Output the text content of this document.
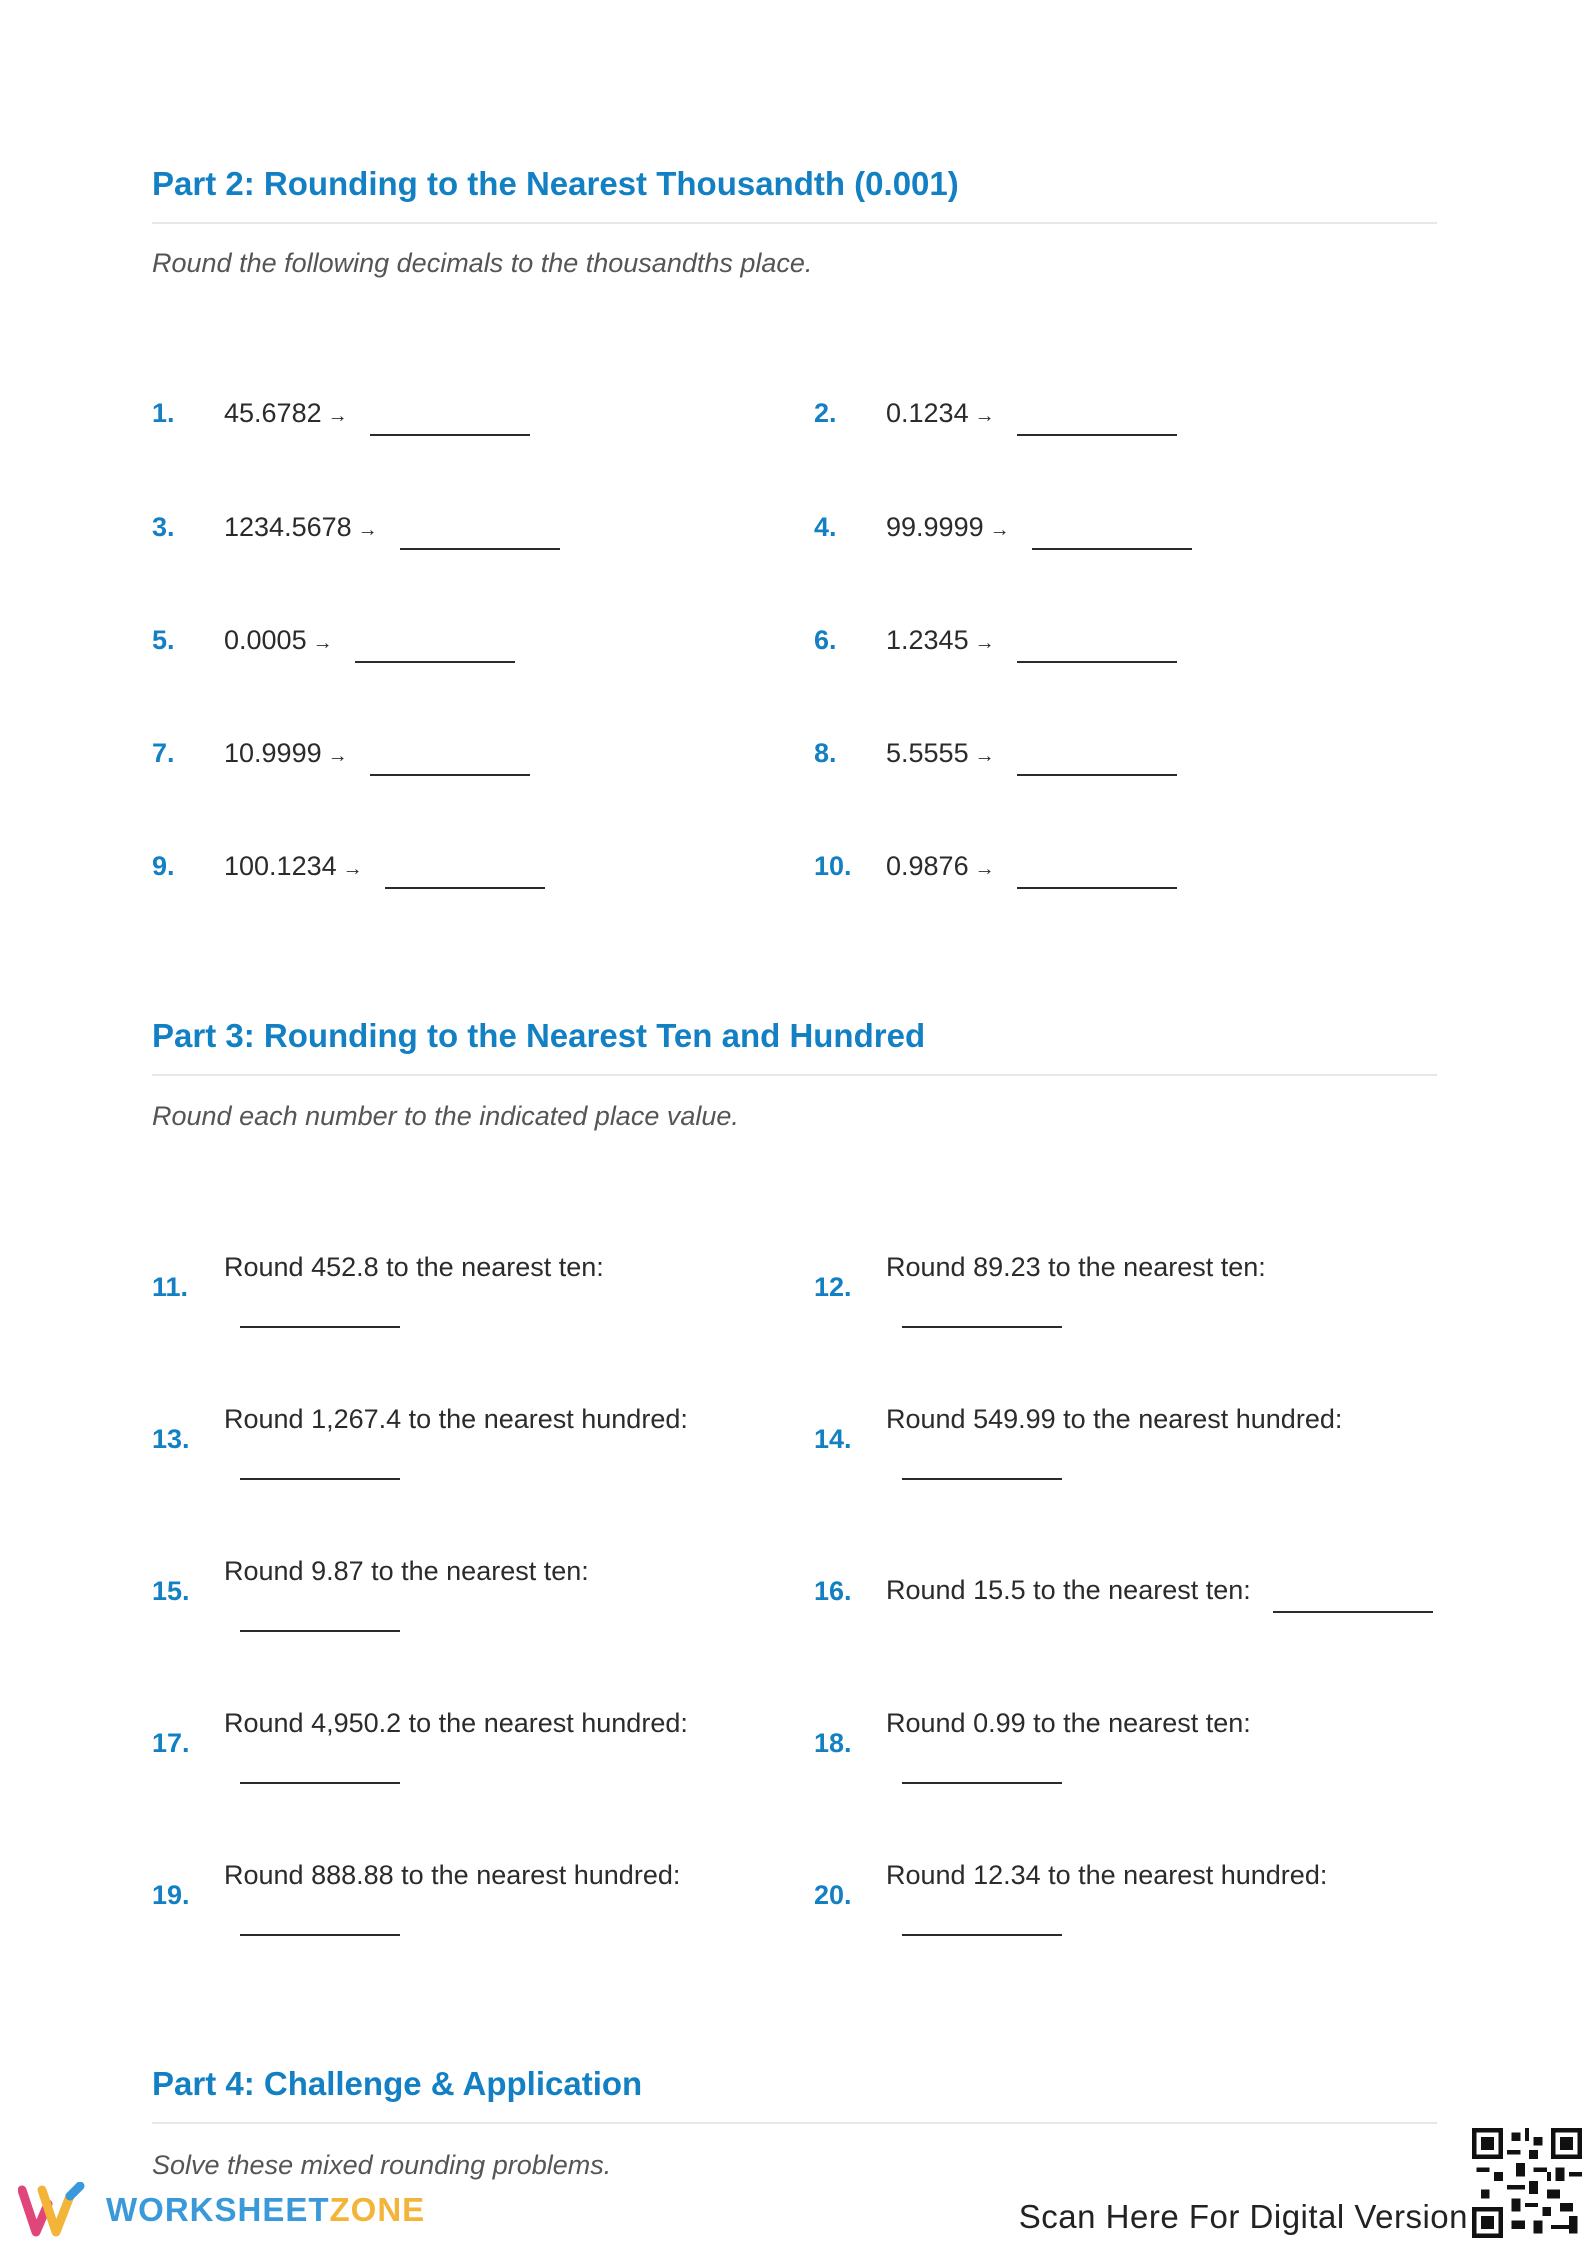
Part 2: Rounding to the Nearest Thousandth (0.001)

Round the following decimals to the thousandths place.

1. 45.6782 →	2. 0.1234 →
3. 1234.5678 →	4. 99.9999 →
5. 0.0005 →	6. 1.2345 →
7. 10.9999 →	8. 5.5555 →
9. 100.1234 →	10. 0.9876 →
Part 3: Rounding to the Nearest Ten and Hundred

Round each number to the indicated place value.

11.
Round 452.8 to the nearest ten:
12.
Round 89.23 to the nearest ten:
13.
Round 1,267.4 to the nearest hundred:
14.
Round 549.99 to the nearest hundred:
15.
Round 9.87 to the nearest ten:
16. Round 15.5 to the nearest ten:
17.
Round 4,950.2 to the nearest hundred:
18.
Round 0.99 to the nearest ten:
19.
Round 888.88 to the nearest hundred:
20.
Round 12.34 to the nearest hundred:
Part 4: Challenge & Application

Solve these mixed rounding problems.

WORKSHEETZONE	Scan Here For Digital Version
